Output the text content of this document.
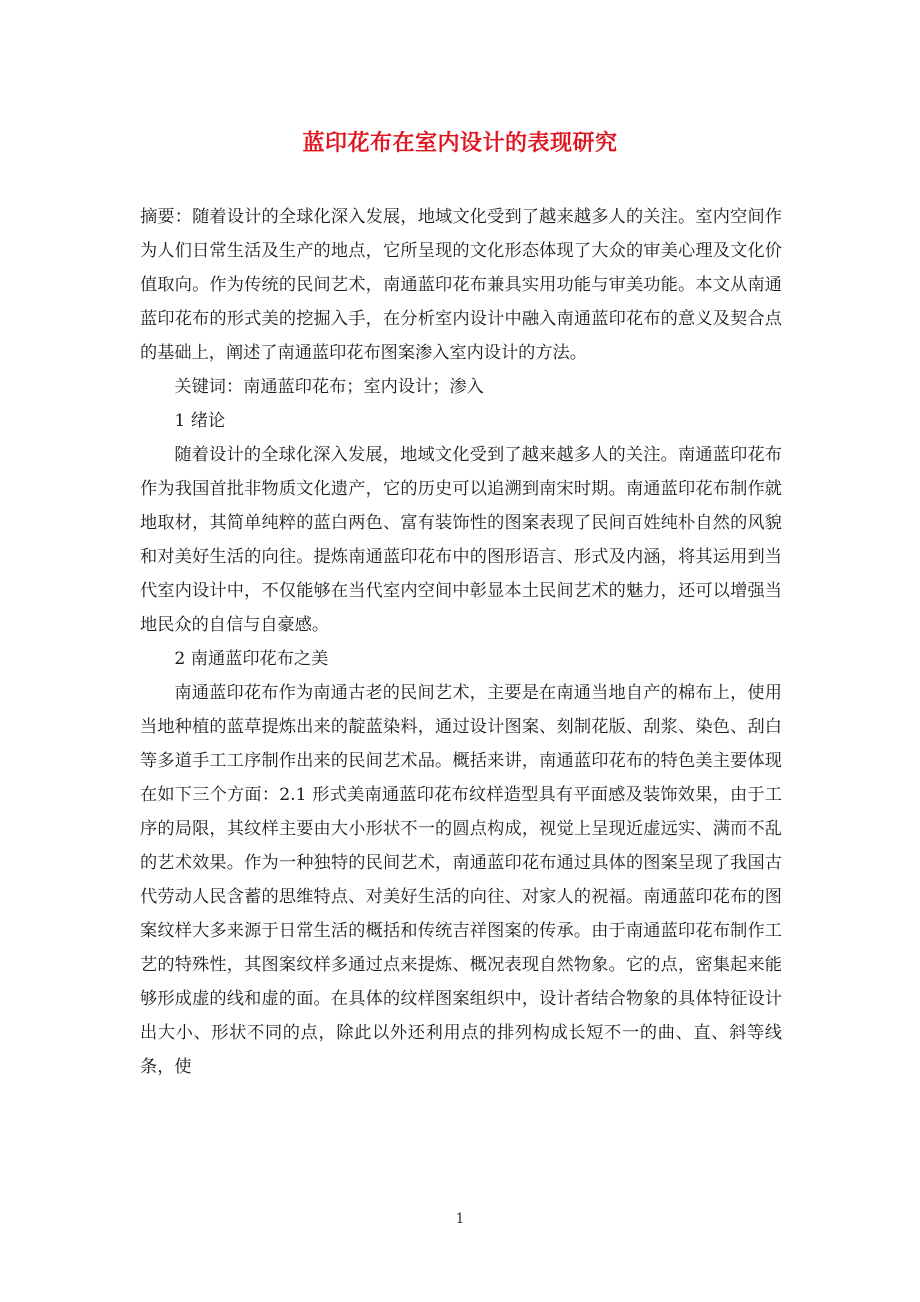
蓝印花布在室内设计的表现研究

摘要：随着设计的全球化深入发展，地域文化受到了越来越多人的关注。室内空间作为人们日常生活及生产的地点，它所呈现的文化形态体现了大众的审美心理及文化价值取向。作为传统的民间艺术，南通蓝印花布兼具实用功能与审美功能。本文从南通蓝印花布的形式美的挖掘入手，在分析室内设计中融入南通蓝印花布的意义及契合点的基础上，阐述了南通蓝印花布图案渗入室内设计的方法。

关键词：南通蓝印花布；室内设计；渗入

1 绪论

随着设计的全球化深入发展，地域文化受到了越来越多人的关注。南通蓝印花布作为我国首批非物质文化遗产，它的历史可以追溯到南宋时期。南通蓝印花布制作就地取材，其简单纯粹的蓝白两色、富有装饰性的图案表现了民间百姓纯朴自然的风貌和对美好生活的向往。提炼南通蓝印花布中的图形语言、形式及内涵，将其运用到当代室内设计中，不仅能够在当代室内空间中彰显本土民间艺术的魅力，还可以增强当地民众的自信与自豪感。

2 南通蓝印花布之美

南通蓝印花布作为南通古老的民间艺术，主要是在南通当地自产的棉布上，使用当地种植的蓝草提炼出来的靛蓝染料，通过设计图案、刻制花版、刮浆、染色、刮白等多道手工工序制作出来的民间艺术品。概括来讲，南通蓝印花布的特色美主要体现在如下三个方面：2.1 形式美南通蓝印花布纹样造型具有平面感及装饰效果，由于工序的局限，其纹样主要由大小形状不一的圆点构成，视觉上呈现近虚远实、满而不乱的艺术效果。作为一种独特的民间艺术，南通蓝印花布通过具体的图案呈现了我国古代劳动人民含蓄的思维特点、对美好生活的向往、对家人的祝福。南通蓝印花布的图案纹样大多来源于日常生活的概括和传统吉祥图案的传承。由于南通蓝印花布制作工艺的特殊性，其图案纹样多通过点来提炼、概况表现自然物象。它的点，密集起来能够形成虚的线和虚的面。在具体的纹样图案组织中，设计者结合物象的具体特征设计出大小、形状不同的点，除此以外还利用点的排列构成长短不一的曲、直、斜等线条，使

1
